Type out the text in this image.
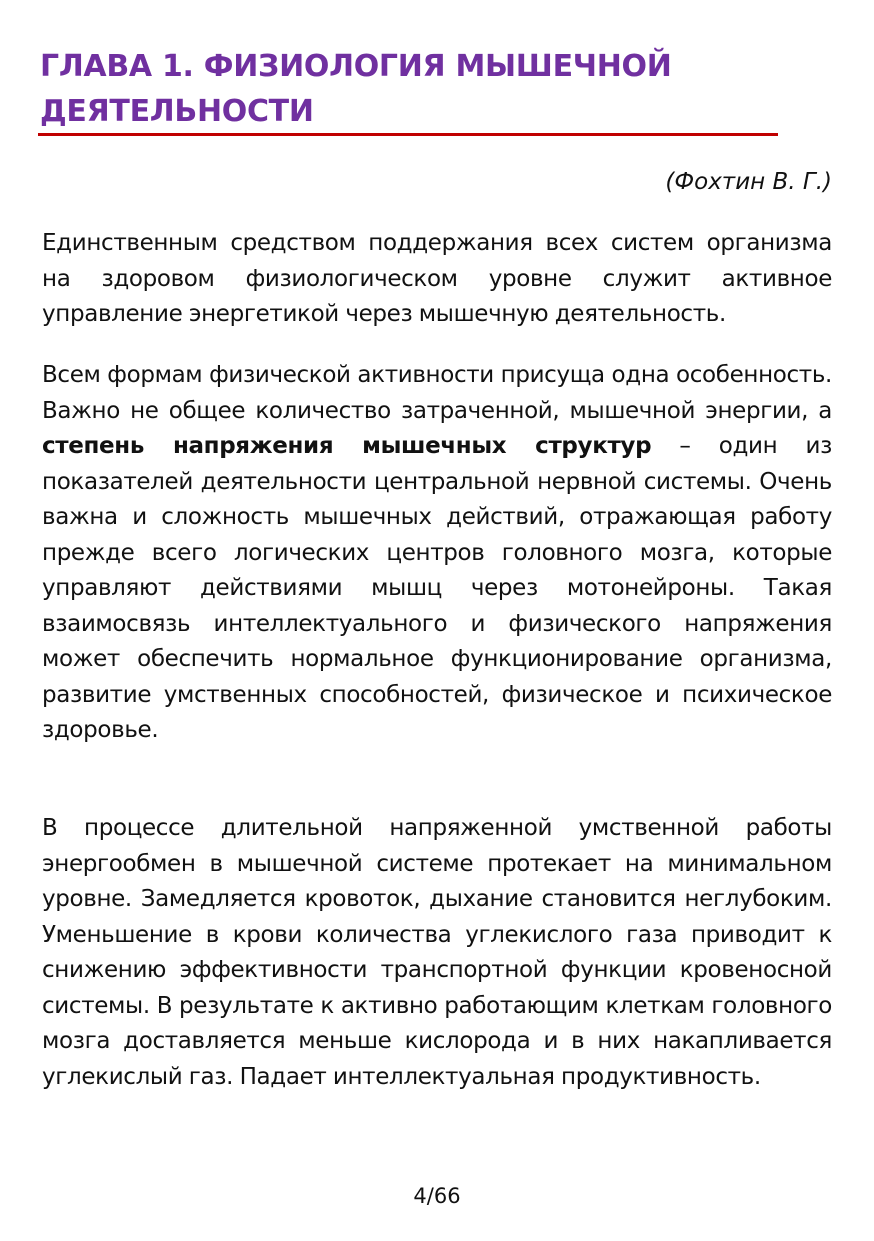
ГЛАВА 1. ФИЗИОЛОГИЯ МЫШЕЧНОЙ ДЕЯТЕЛЬНОСТИ
(Фохтин В. Г.)

Единственным средством поддержания всех систем организма на здоровом физиологическом уровне служит активное управление энергетикой через мышечную деятельность.

Всем формам физической активности присуща одна особенность. Важно не общее количество затраченной, мышечной энергии, а степень напряжения мышечных структур – один из показателей деятельности центральной нервной системы. Очень важна и сложность мышечных действий, отражающая работу прежде всего логических центров головного мозга, которые управляют действиями мышц через мотонейроны. Такая взаимосвязь интеллектуального и физического напряжения может обеспечить нормальное функционирование организма, развитие умственных способностей, физическое и психическое здоровье.

В процессе длительной напряженной умственной работы энергообмен в мышечной системе протекает на минимальном уровне. Замедляется кровоток, дыхание становится неглубоким. Уменьшение в крови количества углекислого газа приводит к снижению эффективности транспортной функции кровеносной системы. В результате к активно работающим клеткам головного мозга доставляется меньше кислорода и в них накапливается углекислый газ. Падает интеллектуальная продуктивность.

4/66
